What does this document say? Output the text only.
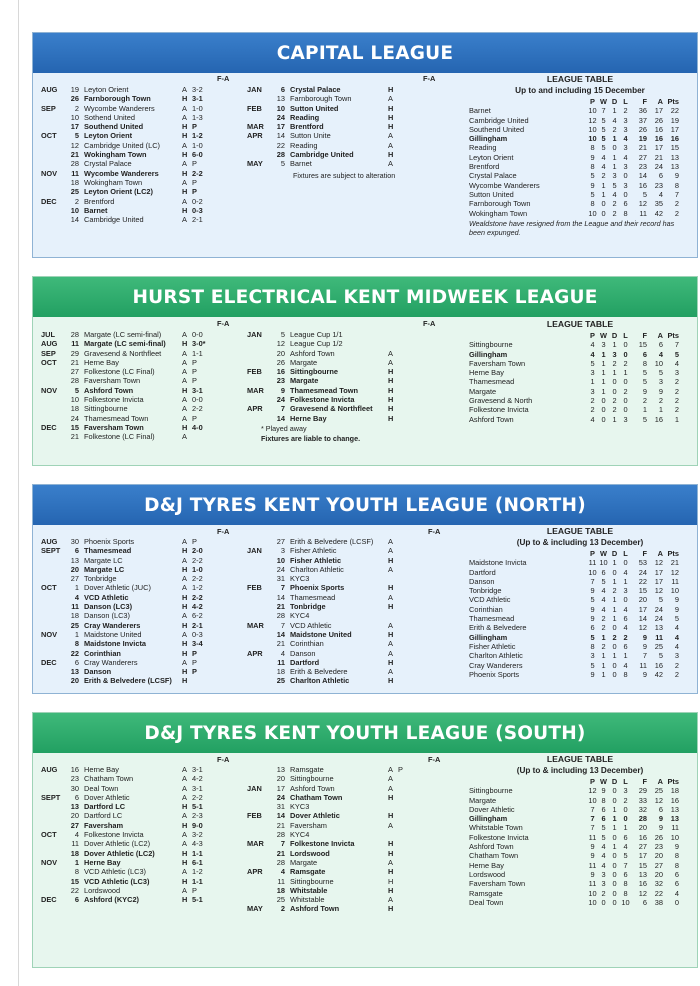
CAPITAL LEAGUE
F-A	F-A
AUG	19 Leyton Orient	A 3-2
26 Farnborough Town	H 3-1
SEP	2 Wycombe Wanderers	A 1-0
10 Sothend United	A 1-3
17 Southend United	H P
OCT	5 Leyton Orient	H 1-2
12 Cambridge United (LC)	A 1-0
21 Wokingham Town	H 6-0
28 Crystal Palace	A P
NOV	11 Wycombe Wanderers	H 2-2
18 Wokingham Town	A P
25 Leyton Orient (LC2)	H P
DEC	2 Brentford	A 0-2
10 Barnet	H 0-3
14 Cambridge United	A 2-1
JAN	6 Crystal Palace	H
13 Farnborough Town	A
FEB	10 Sutton United	H
24 Reading	H
MAR	17 Brentford	H
APR	14 Sutton Unite	A
22 Reading	A
28 Cambridge United	H
MAY	5 Barnet	A
Fixtures are subject to alteration
LEAGUE TABLE
Up to and including 15 December
P W D L	F	A Pts
Barnet	10 7 1 2	36	17	22
Cambridge United	12 5 4 3	37	26	19
Southend United	10 5 2 3	26	16	17
Gillingham	10 5 1 4	19	16	16
Reading	8 5 0 3	21	17	15
Leyton Orient	9 4 1 4	27	21	13
Brentford	8 4 1 3	23	24	13
Crystal Palace	5 2 3 0	14	6	9
Wycombe Wanderers	9 1 5 3	16	23	8
Sutton United	5 1 4 0	5	4	7
Farnborough Town	8 0 2 6	12	35	2
Wokingham Town	10 0 2 8	11	42	2
Wealdstone have resigned from the League and their record has been expunged.
HURST ELECTRICAL KENT MIDWEEK LEAGUE
F-A	F-A
JUL	28 Margate (LC semi-final)	A 0-0
AUG	11 Margate (LC semi-final)	H 3-0*
SEP	29 Gravesend & Northfleet	A 1-1
OCT	21 Herne Bay	A P
27 Folkestone (LC Final)	A P
28 Faversham Town	A P
NOV	5 Ashford Town	H 3-1
10 Folkestone Invicta	A 0-0
18 Sittingbourne	A 2-2
24 Thamesmead Town	A P
DEC	15 Faversham Town	H 4-0
21 Folkestone (LC Final)	A
JAN	5 League Cup 1/1
12 League Cup 1/2
20 Ashford Town	A
26 Margate	A
FEB	16 Sittingbourne	H
23 Margate	H
MAR	9 Thamesmead Town	H
24 Folkestone Invicta	H
APR	7 Gravesend & Northfleet	H
14 Herne Bay	H
* Played away
Fixtures are liable to change.
LEAGUE TABLE
P W D L	F	A Pts
Sittingbourne	4 3 1 0	15	6	7
Gillingham	4 1 3 0	6	4	5
Faversham Town	5 1 2 2	8	10	4
Herne Bay	3 1 1 1	5	5	3
Thamesmead	1 1 0 0	5	3	2
Margate	3 1 0 2	9	9	2
Gravesend & North	2 0 2 0	2	2	2
Folkestone Invicta	2 0 2 0	1	1	2
Ashford Town	4 0 1 3	5	16	1
D&J TYRES KENT YOUTH LEAGUE (NORTH)
F-A	F-A
AUG	30 Phoenix Sports	A P
SEPT	6 Thamesmead	H 2-0
13 Margate LC	A 2-2
20 Margate LC	H 1-0
27 Tonbridge	A 2-2
OCT	1 Dover Athletic (JUC)	A 1-2
4 VCD Athletic	H 2-2
11 Danson (LC3)	H 4-2
18 Danson (LC3)	A 6-2
25 Cray Wanderers	H 2-1
NOV	1 Maidstone United	A 0-3
8 Maidstone Invicta	H 3-4
22 Corinthian	H P
DEC	6 Cray Wanderers	A P
13 Danson	H P
20 Erith & Belvedere (LCSF)	H
27 Erith & Belvedere (LCSF)	A
JAN	3 Fisher Athletic	A
10 Fisher Athletic	H
24 Charlton Athletic	A
31 KYC3
FEB	7 Phoenix Sports	H
14 Thamesmead	A
21 Tonbridge	H
28 KYC4
MAR	7 VCD Athletic	A
14 Maidstone United	H
21 Corinthian	A
APR	4 Danson	A
11 Dartford	H
18 Erith & Belvedere	A
25 Charlton Athletic	H
LEAGUE TABLE
(Up to & including 13 December)
P W D L	F	A Pts
Maidstone Invicta	11 10 1 0	53	12	21
Dartford	10 6 0 4	24	17	12
Danson	7 5 1 1	22	17	11
Tonbridge	9 4 2 3	15	12	10
VCD Athletic	5 4 1 0	20	5	9
Corinthian	9 4 1 4	17	24	9
Thamesmead	9 2 1 6	14	24	5
Erith & Belvedere	6 2 0 4	12	13	4
Gillingham	5 1 2 2	9	11	4
Fisher Athletic	8 2 0 6	9	25	4
Charlton Athletic	3 1 1 1	7	5	3
Cray Wanderers	5 1 0 4	11	16	2
Phoenix Sports	9 1 0 8	9	42	2
D&J TYRES KENT YOUTH LEAGUE (SOUTH)
F-A	F-A
AUG	16 Herne Bay	A 3-1
23 Chatham Town	A 4-2
30 Deal Town	A 3-1
SEPT	6 Dover Athletic	A 2-2
13 Dartford LC	H 5-1
20 Dartford LC	A 2-3
27 Faversham	H 9-0
OCT	4 Folkestone Invicta	A 3-2
11 Dover Athletic (LC2)	A 4-3
18 Dover Athletic (LC2)	H 1-1
NOV	1 Herne Bay	H 6-1
8 VCD Athletic (LC3)	A 1-2
15 VCD Athletic (LC3)	H 1-1
22 Lordswood	A P
DEC	6 Ashford (KYC2)	H 5-1
13 Ramsgate	A P
20 Sittingbourne	A
JAN	17 Ashford Town	A
24 Chatham Town	H
31 KYC3
FEB	14 Dover Athletic	H
21 Faversham	A
28 KYC4
MAR	7 Folkestone Invicta	H
21 Lordswood	H
28 Margate	A
APR	4 Ramsgate	H
11 Sittingbourne	H
18 Whitstable	H
25 Whitstable	A
MAY	2 Ashford Town	H
LEAGUE TABLE
(Up to & including 13 December)
P W D L	F	A Pts
Sittingbourne	12 9 0 3	29	25	18
Margate	10 8 0 2	33	12	16
Dover Athletic	7 6 1 0	32	6	13
Gillingham	7 6 1 0	28	9	13
Whitstable Town	7 5 1 1	20	9	11
Folkestone Invicta	11 5 0 6	16	26	10
Ashford Town	9 4 1 4	27	23	9
Chatham Town	9 4 0 5	17	20	8
Herne Bay	11 4 0 7	15	27	8
Lordswood	9 3 0 6	13	20	6
Faversham Town	11 3 0 8	16	32	6
Ramsgate	10 2 0 8	12	22	4
Deal Town	10 0 0 10	6	38	0
